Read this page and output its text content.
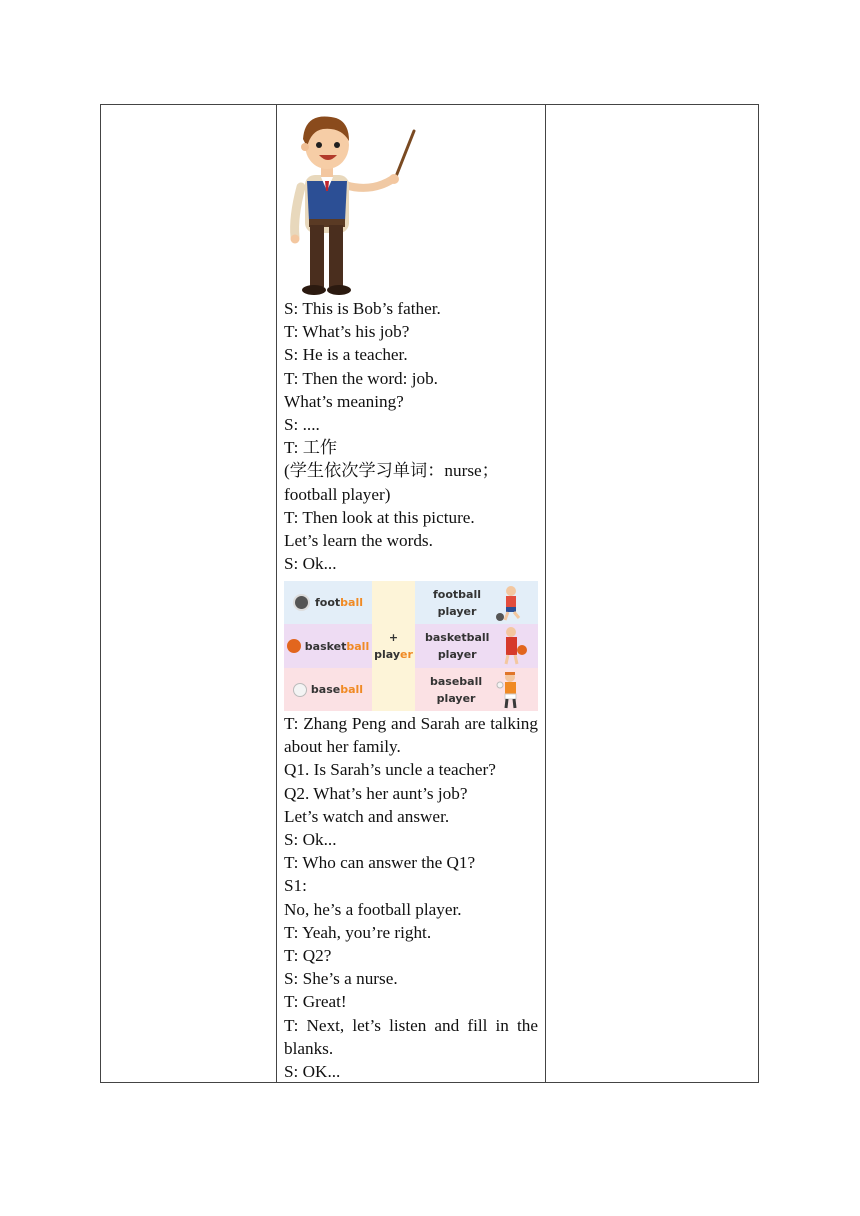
S: This is Bob’s father.
T: What’s his job?
S: He is a teacher.
T: Then the word: job.
What’s meaning?
S: ....
T: 工作
(学生依次学习单词：nurse；
football player)
T: Then look at this picture.
Let’s learn the words.
S: Ok...
foot ball
basket ball
base ball
+
player
football
player
basketball
player
baseball
player
T: Zhang Peng and Sarah are talking about her family.
Q1. Is Sarah’s uncle a teacher?
Q2. What’s her aunt’s job?
Let’s watch and answer.
S: Ok...
T: Who can answer the Q1?
S1:
No, he’s a football player.
T: Yeah, you’re right.
T: Q2?
S: She’s a nurse.
T: Great!
T: Next, let’s listen and fill in the blanks.
S: OK...
